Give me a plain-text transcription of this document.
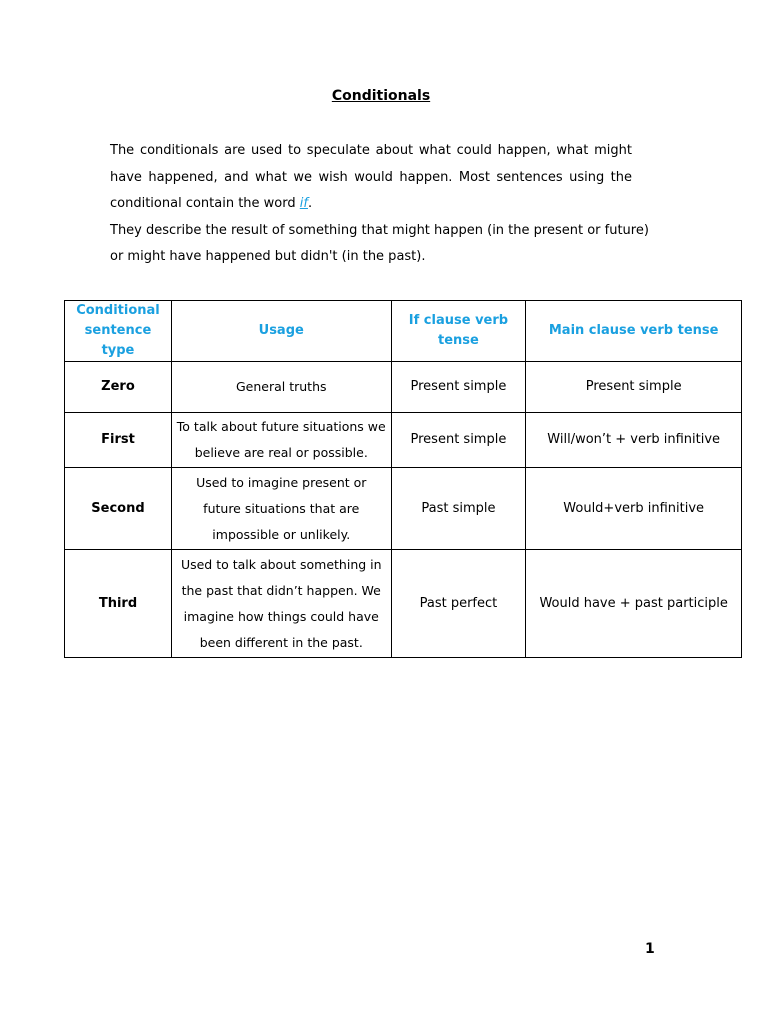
Conditionals

The conditionals are used to speculate about what could happen, what might
have happened, and what we wish would happen. Most sentences using the
conditional contain the word if.

They describe the result of something that might happen (in the present or future)
or might have happened but didn't (in the past).

Conditional sentence type	Usage	If clause verb tense	Main clause verb tense
Zero	General truths	Present simple	Present simple
First	To talk about future situations we believe are real or possible.	Present simple	Will/won’t + verb infinitive
Second	Used to imagine present or future situations that are impossible or unlikely.	Past simple	Would+verb infinitive
Third	Used to talk about something in the past that didn’t happen. We imagine how things could have been different in the past.	Past perfect	Would have + past participle
1
